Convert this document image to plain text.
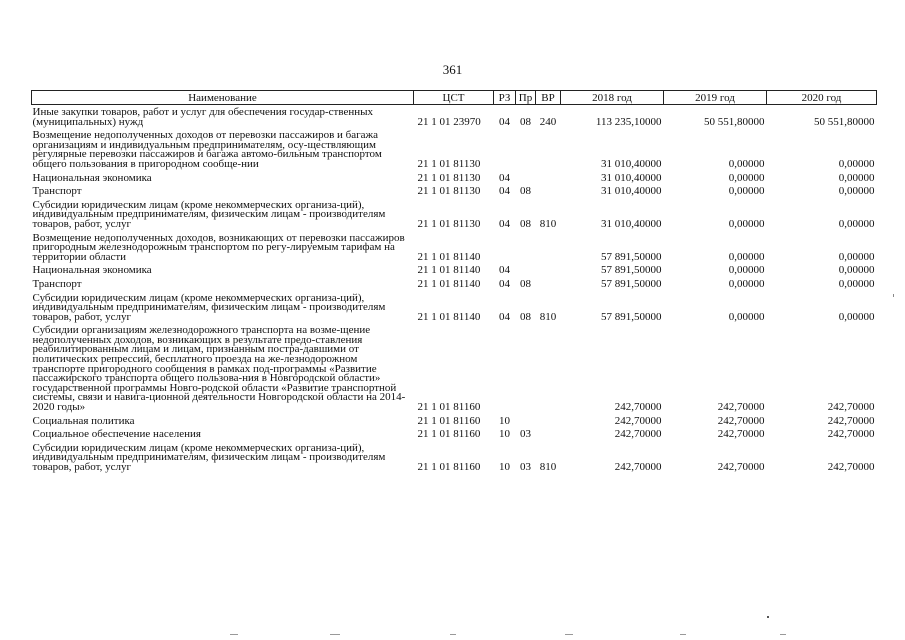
361
Наименование	ЦСТ	РЗ	Пр	ВР	2018 год	2019 год	2020 год
Иные закупки товаров, работ и услуг для обеспечения государ-ственных (муниципальных) нужд	21 1 01 23970	04	08	240	113 235,10000	50 551,80000	50 551,80000
Возмещение недополученных доходов от перевозки пассажиров и багажа организациям и индивидуальным предпринимателям, осу-ществляющим регулярные перевозки пассажиров и багажа автомо-бильным транспортом общего пользования в пригородном сообще-нии	21 1 01 81130				31 010,40000	0,00000	0,00000
Национальная экономика	21 1 01 81130	04			31 010,40000	0,00000	0,00000
Транспорт	21 1 01 81130	04	08		31 010,40000	0,00000	0,00000
Субсидии юридическим лицам (кроме некоммерческих организа-ций), индивидуальным предпринимателям, физическим лицам - производителям товаров, работ, услуг	21 1 01 81130	04	08	810	31 010,40000	0,00000	0,00000
Возмещение недополученных доходов, возникающих от перевозки пассажиров пригородным железнодорожным транспортом по регу-лируемым тарифам на территории области	21 1 01 81140				57 891,50000	0,00000	0,00000
Национальная экономика	21 1 01 81140	04			57 891,50000	0,00000	0,00000
Транспорт	21 1 01 81140	04	08		57 891,50000	0,00000	0,00000
Субсидии юридическим лицам (кроме некоммерческих организа-ций), индивидуальным предпринимателям, физическим лицам - производителям товаров, работ, услуг	21 1 01 81140	04	08	810	57 891,50000	0,00000	0,00000
Субсидии организациям железнодорожного транспорта на возме-щение недополученных доходов, возникающих в результате предо-ставления реабилитированным лицам и лицам, признанным постра-давшими от политических репрессий, бесплатного проезда на же-лезнодорожном транспорте пригородного сообщения в рамках под-программы «Развитие пассажирского транспорта общего пользова-ния в Новгородской области» государственной программы Новго-родской области «Развитие транспортной системы, связи и навига-ционной деятельности Новгородской области на 2014-2020 годы»	21 1 01 81160				242,70000	242,70000	242,70000
Социальная политика	21 1 01 81160	10			242,70000	242,70000	242,70000
Социальное обеспечение населения	21 1 01 81160	10	03		242,70000	242,70000	242,70000
Субсидии юридическим лицам (кроме некоммерческих организа-ций), индивидуальным предпринимателям, физическим лицам - производителям товаров, работ, услуг	21 1 01 81160	10	03	810	242,70000	242,70000	242,70000
